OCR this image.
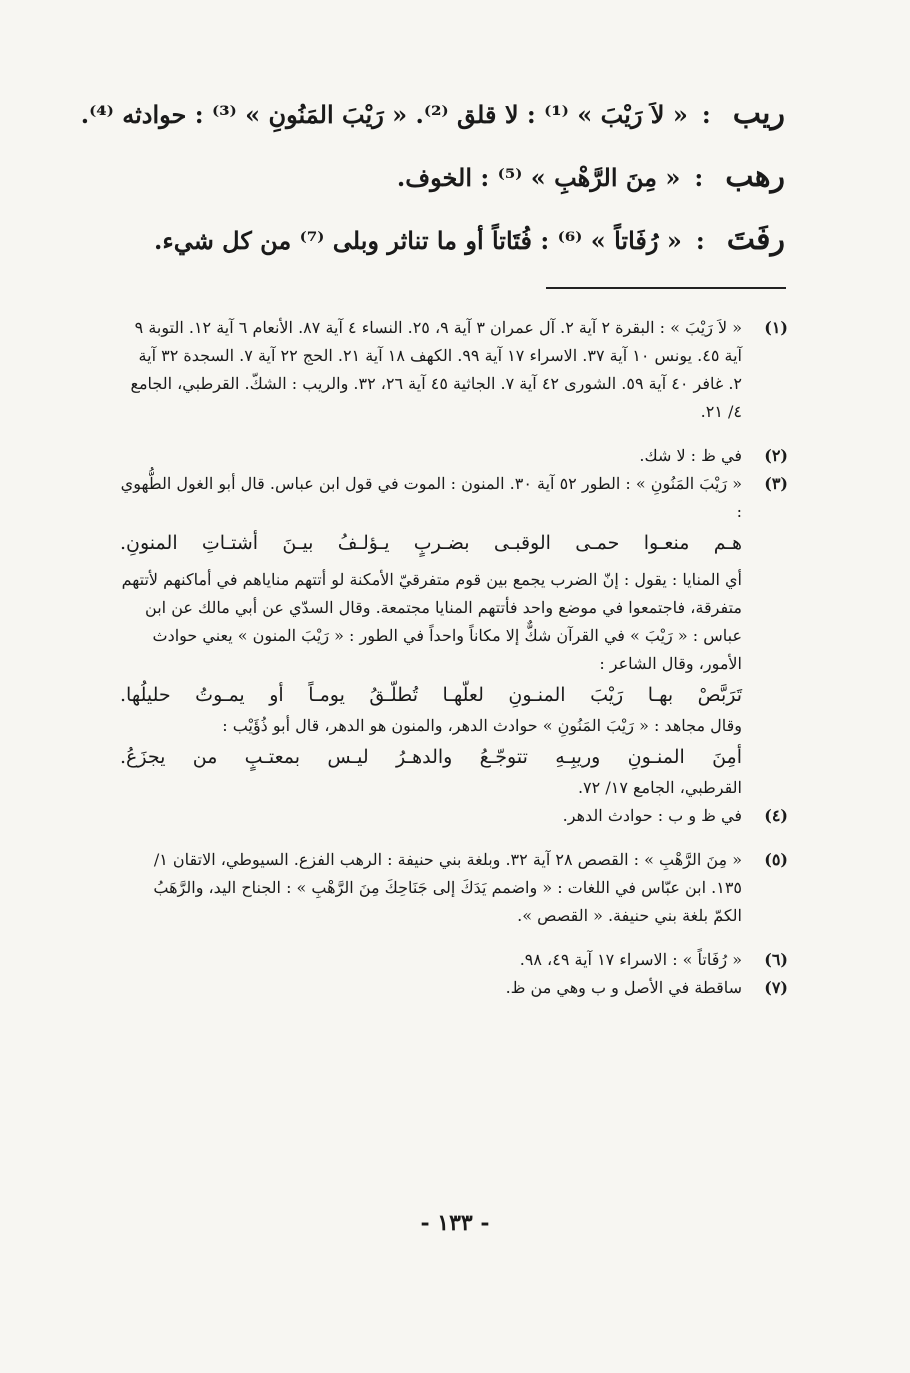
ريب
:
« لاَ رَيْبَ » ⁽¹⁾ : لا قلق ⁽²⁾. « رَيْبَ المَنُونِ » ⁽³⁾ : حوادثه ⁽⁴⁾.
رهب
:
« مِنَ الرَّهْبِ » ⁽⁵⁾ : الخوف.
رفَتَ
:
« رُفَاتاً » ⁽⁶⁾ : فُتَاتاً أو ما تناثر وبلى ⁽⁷⁾ من كل شيء.
(١)

« لاَ رَيْبَ » : البقرة ٢ آية ٢. آل عمران ٣ آية ٩، ٢٥. النساء ٤ آية ٨٧. الأنعام ٦ آية ١٢. التوبة ٩ آية ٤٥. يونس ١٠ آية ٣٧. الاسراء ١٧ آية ٩٩. الكهف ١٨ آية ٢١. الحج ٢٢ آية ٧. السجدة ٣٢ آية ٢. غافر ٤٠ آية ٥٩. الشورى ٤٢ آية ٧. الجاثية ٤٥ آية ٢٦، ٣٢. والريب : الشكّ. القرطبي، الجامع ٤/ ٢١.

(٢)

في ظ : لا شك.

(٣)

« رَيْبَ المَنُونِ » : الطور ٥٢ آية ٣٠. المنون : الموت في قول ابن عباس. قال أبو الغول الطُّهوي :

هـم منعـوا حمـى الوقبـى بضـربٍ يـؤلـفُ بيـنَ أشتـاتِ المنونِ.

أي المنايا : يقول : إنّ الضرب يجمع بين قوم متفرقيّ الأمكنة لو أتتهم مناياهم في أماكنهم لأتتهم متفرقة، فاجتمعوا في موضع واحد فأتتهم المنايا مجتمعة. وقال السدّي عن أبي مالك عن ابن عباس : « رَيْبَ » في القرآن شكٌّ إلا مكاناً واحداً في الطور : « رَيْبَ المنون » يعني حوادث الأمور، وقال الشاعر :

تَرَبَّصْ بهـا رَيْبَ المنـونِ لعلّهـا تُطلّـقُ يومـاً أو يمـوتُ حليلُها.

وقال مجاهد : « رَيْبَ المَنُونِ » حوادث الدهر، والمنون هو الدهر، قال أبو ذُؤَيْب :

أمِنَ المنـونِ وريبِـهِ تتوجّـعُ والدهـرُ ليـس بمعتـبٍ من يجزَعُ.

القرطبي، الجامع ١٧/ ٧٢.

(٤)

في ظ و ب : حوادث الدهر.

(٥)

« مِنَ الرَّهْبِ » : القصص ٢٨ آية ٣٢. وبلغة بني حنيفة : الرهب الفزع. السيوطي، الاتقان ١/ ١٣٥. ابن عبّاس في اللغات : « واضمم يَدَكَ إلى جَنَاحِكَ مِنَ الرَّهْبِ » : الجناح اليد، والرَّهَبُ الكمّ بلغة بني حنيفة. « القصص ».

(٦)

« رُفَاتاً » : الاسراء ١٧ آية ٤٩، ٩٨.

(٧)

ساقطة في الأصل و ب وهي من ظ.

- ١٣٣ -
